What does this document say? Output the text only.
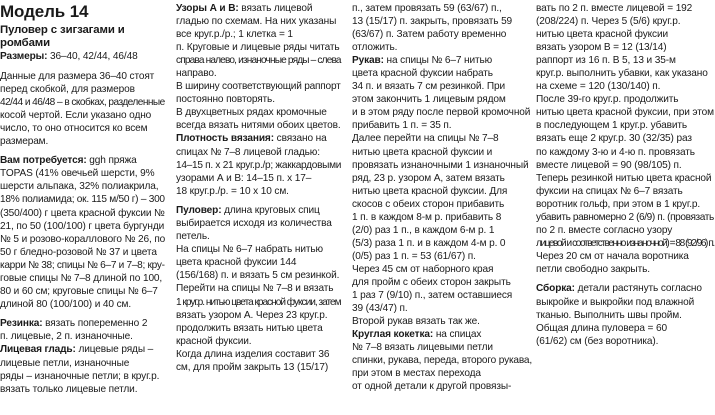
Модель 14
Пуловер с зигзагами и
ромбами
Размеры: 36–40, 42/44, 46/48
Данные для размера 36–40 стоят
перед скобкой, для размеров
42/44 и 46/48 – в скобках, разделенные
косой чертой. Если указано одно
число, то оно относится ко всем
размерам.
Вам потребуется: ggh пряжа
TOPAS (41% овечьей шерсти, 9%
шерсти альпака, 32% полиакрила,
18% полиамида; ок. 115 м/50 г) – 300
(350/400) г цвета красной фуксии №
21, по 50 (100/100) г цвета бургунди
№ 5 и розово-кораллового № 26, по
50 г бледно-розовой № 37 и цвета
карри № 38; спицы № 6–7 и 7–8; кру-
говые спицы № 7–8 длиной по 100,
80 и 60 см; круговые спицы № 6–7
длиной 80 (100/100) и 40 см.
Резинка: вязать попеременно 2
п. лицевые, 2 п. изнаночные.
Лицевая гладь: лицевые ряды –
лицевые петли, изнаночные
ряды – изнаночные петли; в круг.р.
вязать только лицевые петли.
Узоры А и В: вязать лицевой
гладью по схемам. На них указаны
все круг.р./р.; 1 клетка = 1
п. Круговые и лицевые ряды читать
справа налево, изнаночные ряды – слева
направо.
В ширину соответствующий раппорт
постоянно повторять.
В двухцветных рядах кромочные
всегда вязать нитями обоих цветов.
Плотность вязания: связано на
спицах № 7–8 лицевой гладью:
14–15 п. х 21 круг.р./р; жаккардовыми
узорами А и В: 14–15 п. х 17–
18 круг.р./р. = 10 х 10 см.
Пуловер: длина круговых спиц
выбирается исходя из количества
петель.
На спицы № 6–7 набрать нитью
цвета красной фуксии 144
(156/168) п. и вязать 5 см резинкой.
Перейти на спицы № 7–8 и вязать
1 круг.р. нитью цвета красной фуксии, затем
вязать узором А. Через 23 круг.р.
продолжить вязать нитью цвета
красной фуксии.
Когда длина изделия составит 36
см, для пройм закрыть 13 (15/17)
п., затем провязать 59 (63/67) п.,
13 (15/17) п. закрыть, провязать 59
(63/67) п. Затем работу временно
отложить.
Рукав: на спицы № 6–7 нитью
цвета красной фуксии набрать
34 п. и вязать 7 см резинкой. При
этом закончить 1 лицевым рядом
и в этом ряду после первой кромочной
прибавить 1 п. = 35 п.
Далее перейти на спицы № 7–8
нитью цвета красной фуксии и
провязать изнаночными 1 изнаночный
ряд, 23 р. узором А, затем вязать
нитью цвета красной фуксии. Для
скосов с обеих сторон прибавить
1 п. в каждом 8-м р. прибавить 8
(2/0) раз 1 п., в каждом 6-м р. 1
(5/3) раза 1 п. и в каждом 4-м р. 0
(0/5) раз 1 п. = 53 (61/67) п.
Через 45 см от наборного края
для пройм с обеих сторон закрыть
1 раз 7 (9/10) п., затем оставшиеся
39 (43/47) п.
Второй рукав вязать так же.
Круглая кокетка: на спицах
№ 7–8 вязать лицевыми петли
спинки, рукава, переда, второго рукава,
при этом в местах перехода
от одной детали к другой провязы-
вать по 2 п. вместе лицевой = 192
(208/224) п. Через 5 (5/6) круг.р.
нитью цвета красной фуксии
вязать узором В = 12 (13/14)
раппорт из 16 п. В 5, 13 и 35-м
круг.р. выполнить убавки, как указано
на схеме = 120 (130/140) п.
После 39-го круг.р. продолжить
нитью цвета красной фуксии, при этом
в последующем 1 круг.р. убавить
вязать еще 2 круг.р. 30 (32/35) раз
по каждому 3-ю и 4-ю п. провязать
вместе лицевой = 90 (98/105) п.
Теперь резинкой нитью цвета красной
фуксии на спицах № 6–7 вязать
воротник гольф, при этом в 1 круг.р.
убавить равномерно 2 (6/9) п. (провязать
по 2 п. вместе согласно узору
лицевой и соответственно изнаночной) = 88 (92/96) п.
Через 20 см от начала воротника
петли свободно закрыть.
Сборка: детали растянуть согласно
выкройке и выкройки под влажной
тканью. Выполнить швы пройм.
Общая длина пуловера = 60
(61/62) см (без воротника).
